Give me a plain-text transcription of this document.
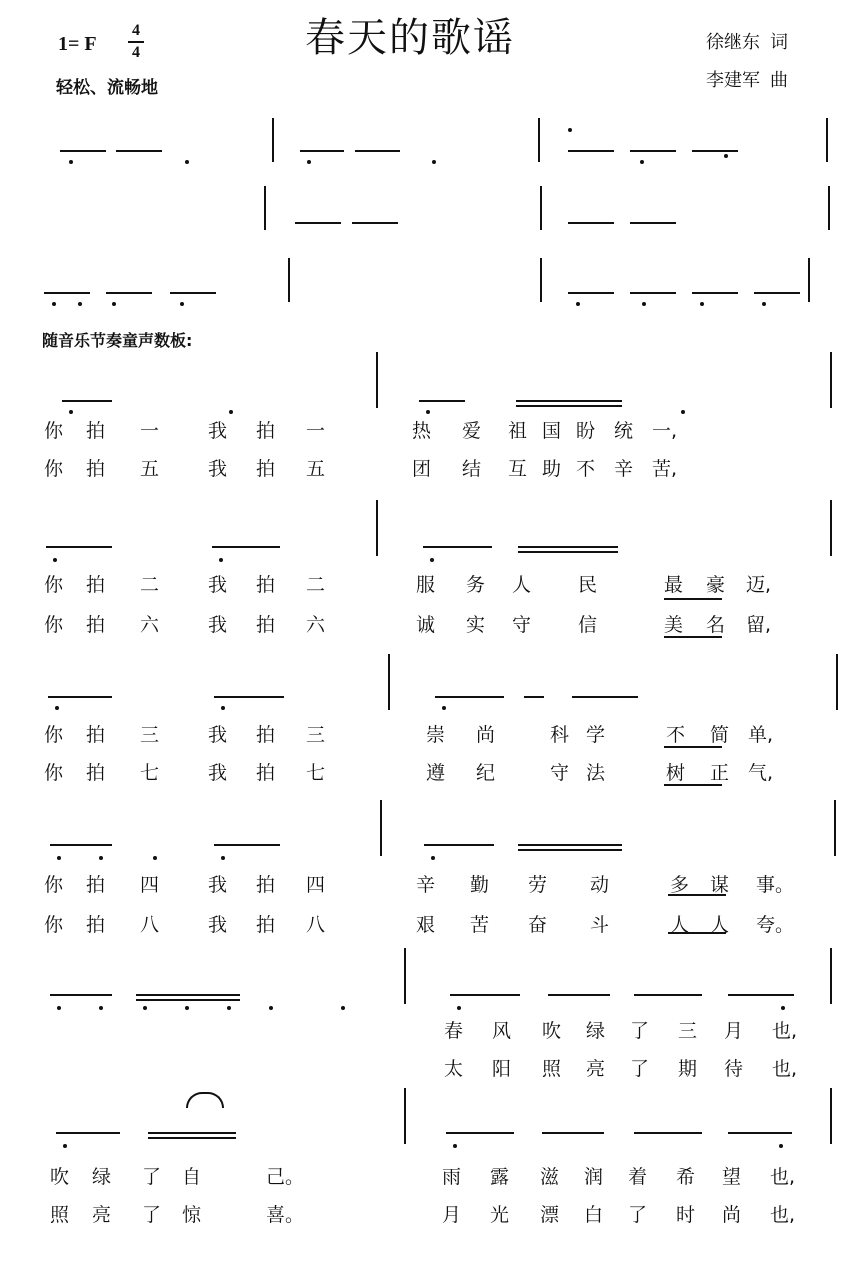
春天的歌谣
1= F
4
4
轻松、流畅地
徐继东 词
李建军 曲
随音乐节奏童声数板:
你 拍 一	我 拍 一	热 爱 祖 国 盼 统 一,
你 拍 五	我 拍 五	团 结 互 助 不 辛 苦,
你 拍 二	我 拍 二	服 务 人 民	最 豪 迈,
你 拍 六	我 拍 六	诚 实 守 信	美 名 留,
你 拍 三	我 拍 三	崇 尚	科 学	不 简 单,
你 拍 七	我 拍 七	遵 纪	守 法	树 正 气,
你 拍 四	我 拍 四	辛 勤 劳 动	多 谋 事。
你 拍 八	我 拍 八	艰 苦 奋 斗	人 人 夸。
春 风 吹 绿 了 三 月 也,
太 阳 照 亮 了 期 待 也,
吹 绿 了 自	己。	雨 露 滋 润 着 希 望 也,
照 亮 了 惊	喜。	月 光 漂 白 了 时 尚 也,
